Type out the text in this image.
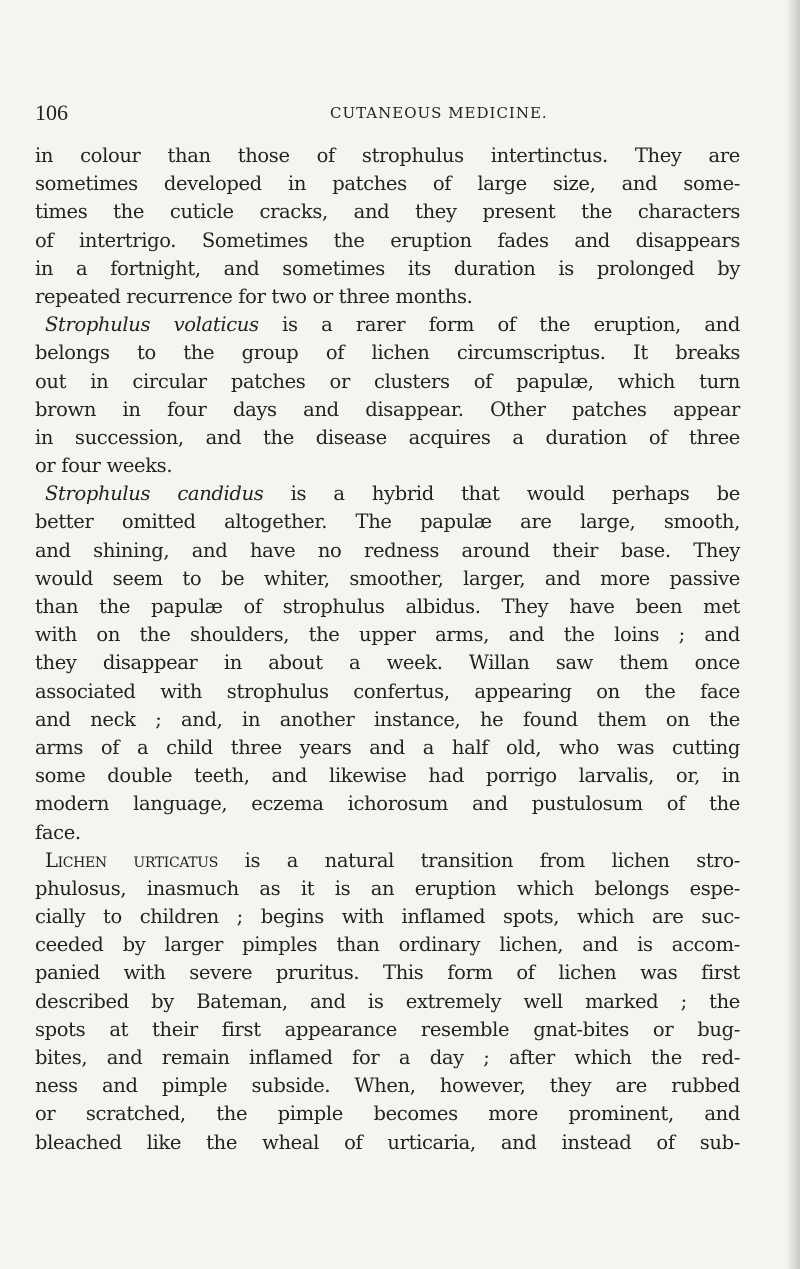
106	CUTANEOUS MEDICINE.
in colour than those of strophulus intertinctus. They are
sometimes developed in patches of large size, and some-
times the cuticle cracks, and they present the characters
of intertrigo. Sometimes the eruption fades and disappears
in a fortnight, and sometimes its duration is prolonged by
repeated recurrence for two or three months.
Strophulus volaticus is a rarer form of the eruption, and
belongs to the group of lichen circumscriptus. It breaks
out in circular patches or clusters of papulæ, which turn
brown in four days and disappear. Other patches appear
in succession, and the disease acquires a duration of three
or four weeks.
Strophulus candidus is a hybrid that would perhaps be
better omitted altogether. The papulæ are large, smooth,
and shining, and have no redness around their base. They
would seem to be whiter, smoother, larger, and more passive
than the papulæ of strophulus albidus. They have been met
with on the shoulders, the upper arms, and the loins ; and
they disappear in about a week. Willan saw them once
associated with strophulus confertus, appearing on the face
and neck ; and, in another instance, he found them on the
arms of a child three years and a half old, who was cutting
some double teeth, and likewise had porrigo larvalis, or, in
modern language, eczema ichorosum and pustulosum of the
face.
Lichen urticatus is a natural transition from lichen stro-
phulosus, inasmuch as it is an eruption which belongs espe-
cially to children ; begins with inflamed spots, which are suc-
ceeded by larger pimples than ordinary lichen, and is accom-
panied with severe pruritus. This form of lichen was first
described by Bateman, and is extremely well marked ; the
spots at their first appearance resemble gnat-bites or bug-
bites, and remain inflamed for a day ; after which the red-
ness and pimple subside. When, however, they are rubbed
or scratched, the pimple becomes more prominent, and
bleached like the wheal of urticaria, and instead of sub-
